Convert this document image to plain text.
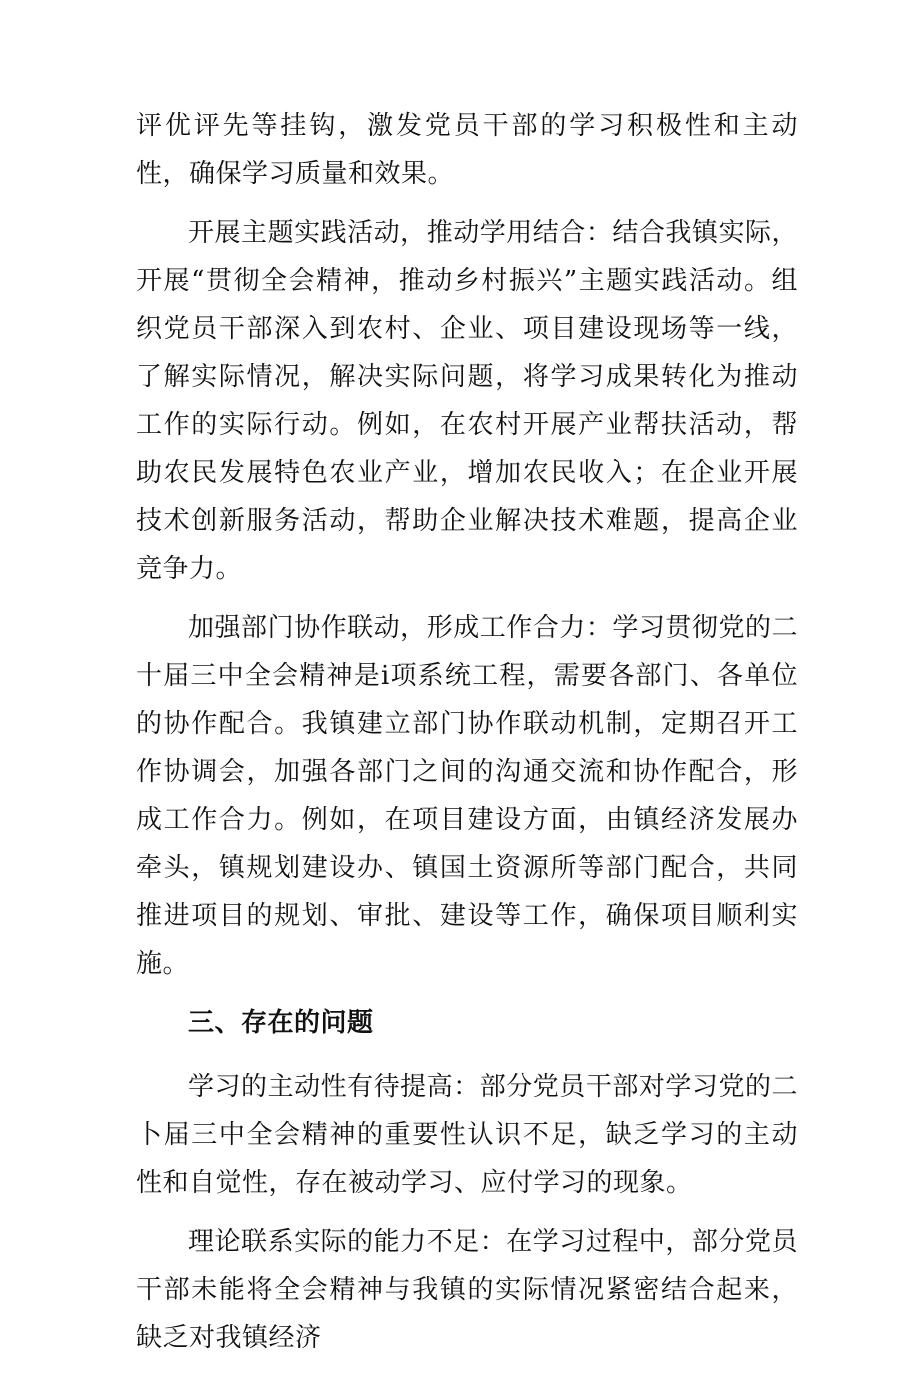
评优评先等挂钩，激发党员干部的学习积极性和主动性，确保学习质量和效果。

开展主题实践活动，推动学用结合：结合我镇实际，开展“贯彻全会精神，推动乡村振兴”主题实践活动。组织党员干部深入到农村、企业、项目建设现场等一线，了解实际情况，解决实际问题，将学习成果转化为推动工作的实际行动。例如，在农村开展产业帮扶活动，帮助农民发展特色农业产业，增加农民收入；在企业开展技术创新服务活动，帮助企业解决技术难题，提高企业竞争力。

加强部门协作联动，形成工作合力：学习贯彻党的二十届三中全会精神是i项系统工程，需要各部门、各单位的协作配合。我镇建立部门协作联动机制，定期召开工作协调会，加强各部门之间的沟通交流和协作配合，形成工作合力。例如，在项目建设方面，由镇经济发展办牵头，镇规划建设办、镇国土资源所等部门配合，共同推进项目的规划、审批、建设等工作，确保项目顺利实施。

三、存在的问题

学习的主动性有待提高：部分党员干部对学习党的二卜届三中全会精神的重要性认识不足，缺乏学习的主动性和自觉性，存在被动学习、应付学习的现象。

理论联系实际的能力不足：在学习过程中，部分党员干部未能将全会精神与我镇的实际情况紧密结合起来，缺乏对我镇经济
